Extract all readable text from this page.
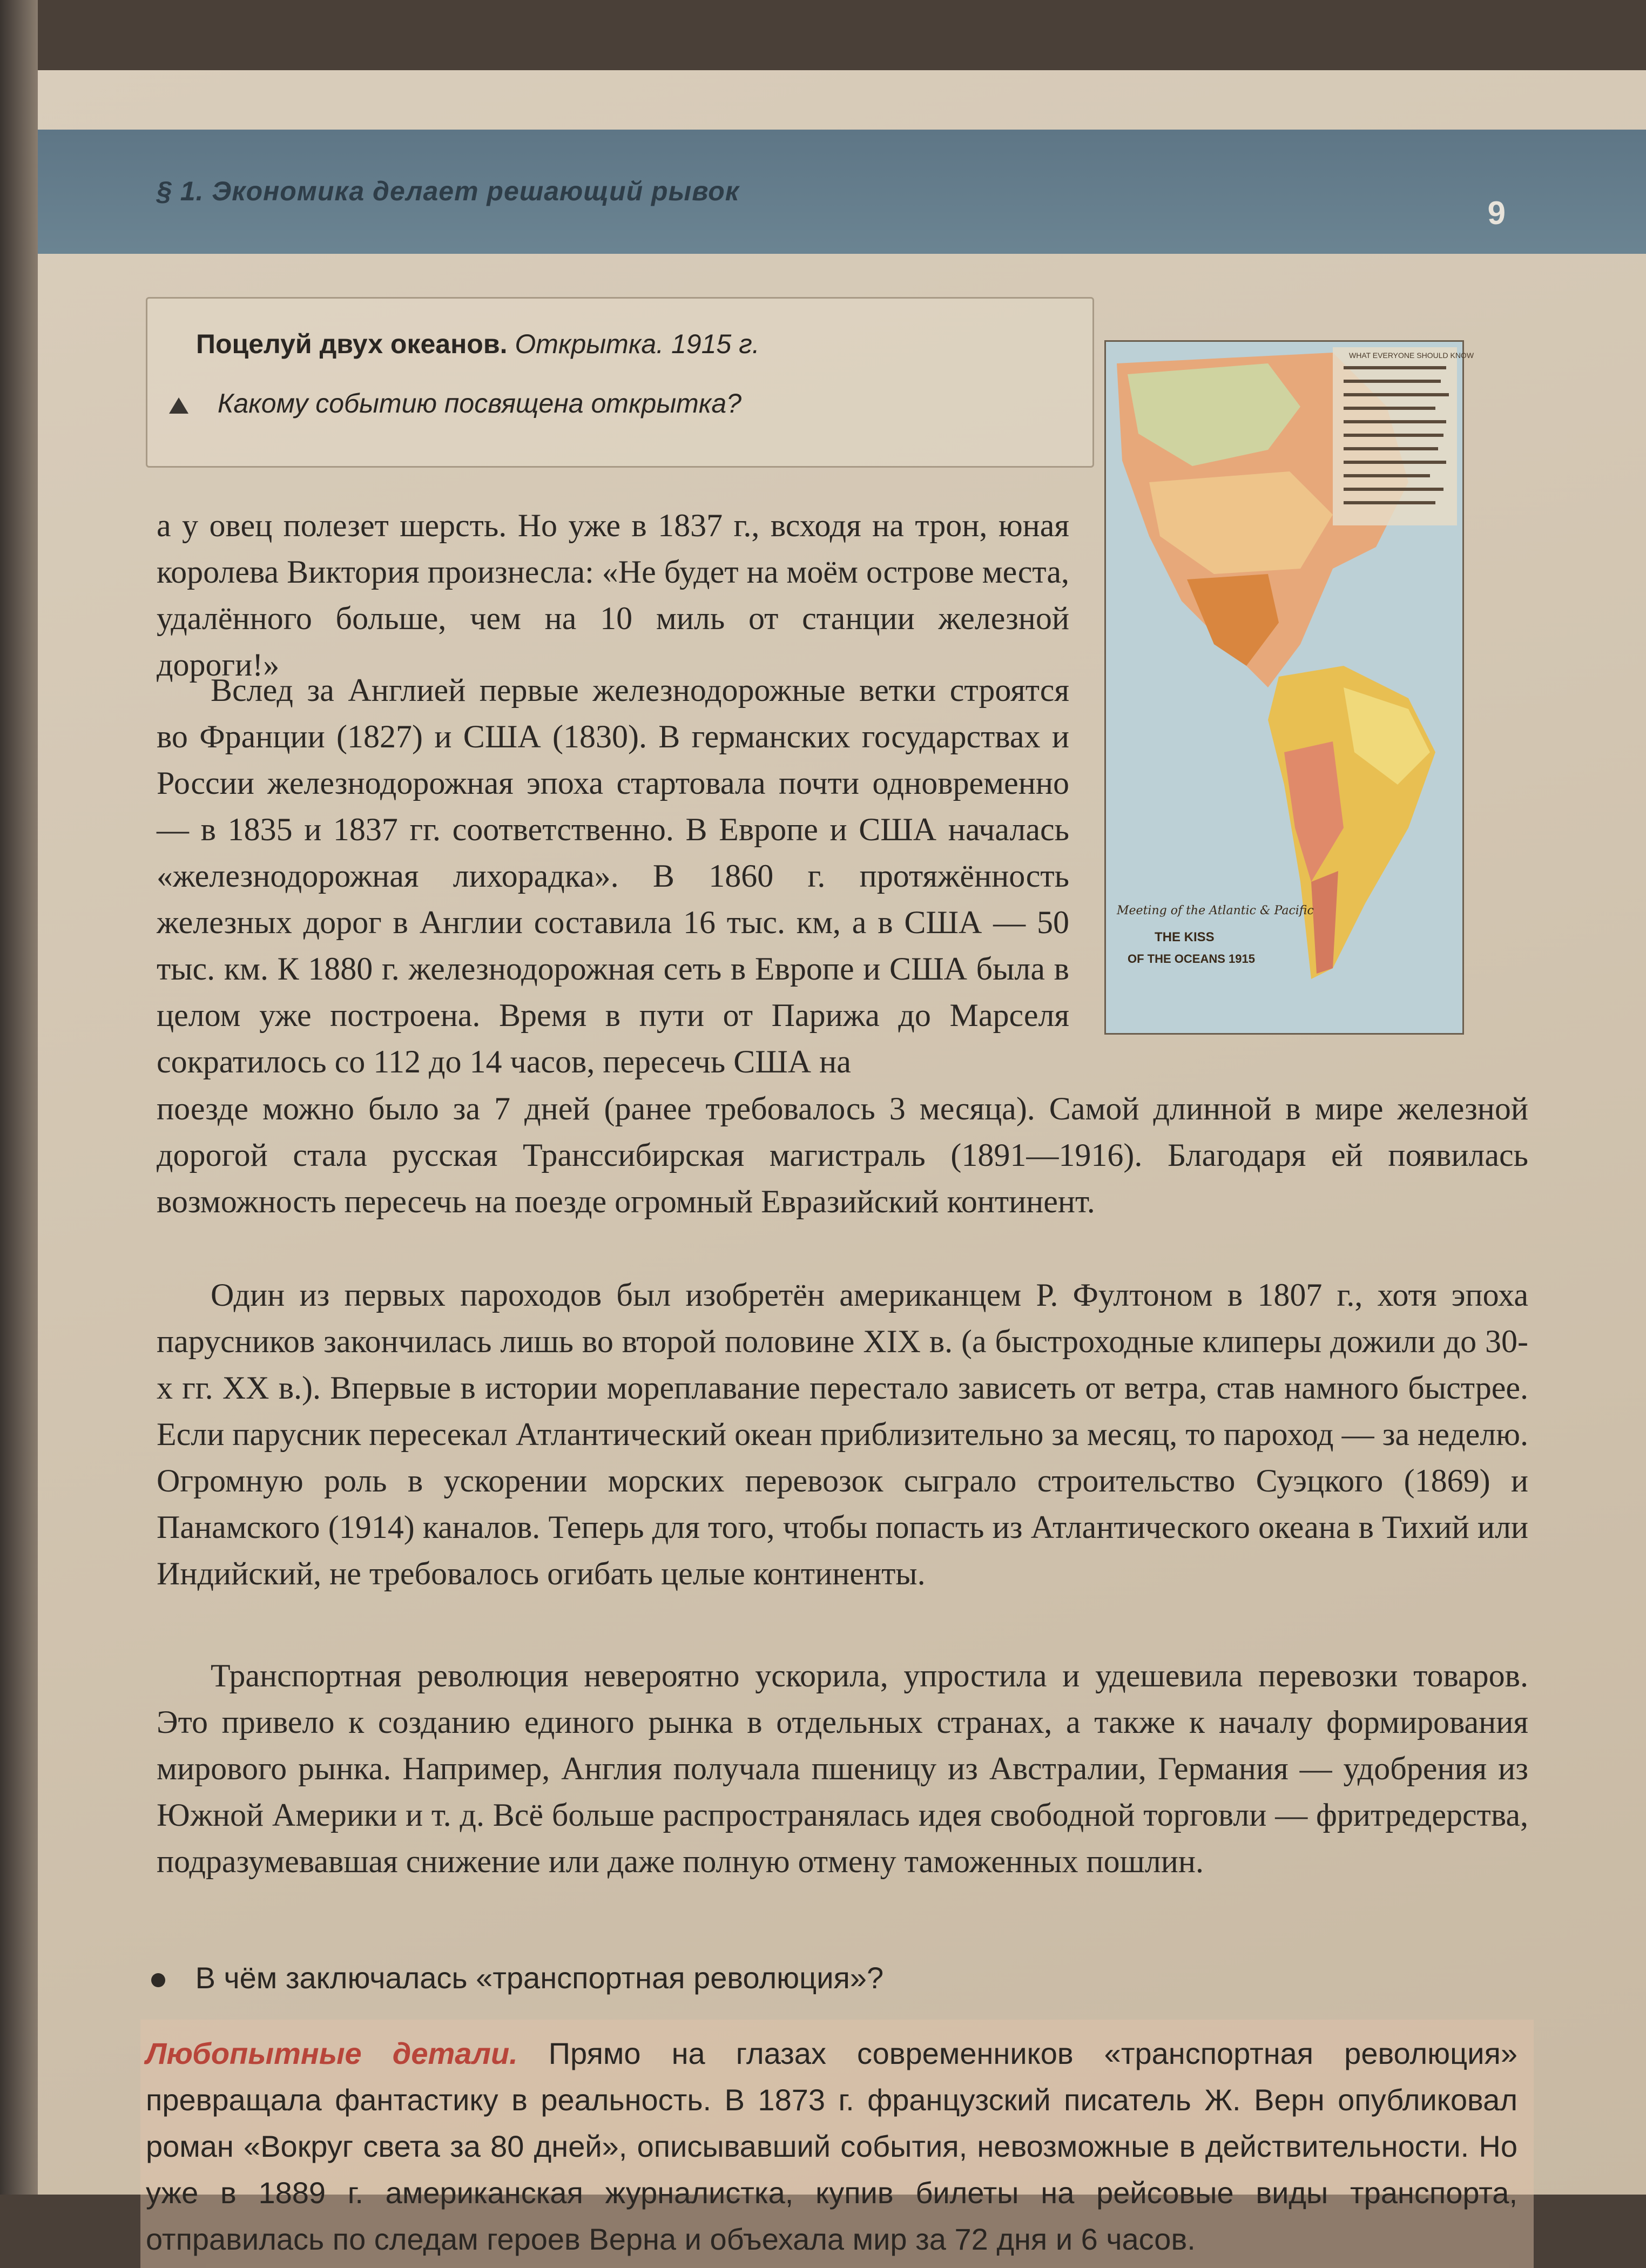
§ 1. Экономика делает решающий рывок
9
Поцелуй двух океанов. Открытка. 1915 г.
Какому событию посвящена открытка?
WHAT EVERYONE SHOULD KNOW
Meeting of the Atlantic & Pacific
THE KISS
OF THE OCEANS 1915

а у овец полезет шерсть. Но уже в 1837 г., всходя на трон, юная королева Виктория произнесла: «Не будет на моём острове места, удалённого больше, чем на 10 миль от станции железной дороги!»

Вслед за Англией первые железнодорожные ветки строятся во Франции (1827) и США (1830). В германских государствах и России железнодорожная эпоха стартовала почти одновременно — в 1835 и 1837 гг. соответственно. В Европе и США началась «железнодорожная лихорадка». В 1860 г. протяжённость железных дорог в Англии составила 16 тыс. км, а в США — 50 тыс. км. К 1880 г. железнодорожная сеть в Европе и США была в целом уже построена. Время в пути от Парижа до Марселя сократилось со 112 до 14 часов, пересечь США на

поезде можно было за 7 дней (ранее требовалось 3 месяца). Самой длинной в мире железной дорогой стала русская Транссибирская магистраль (1891—1916). Благодаря ей появилась возможность пересечь на поезде огромный Евразийский континент.

Один из первых пароходов был изобретён американцем Р. Фултоном в 1807 г., хотя эпоха парусников закончилась лишь во второй половине XIX в. (а быстроходные клиперы дожили до 30-х гг. XX в.). Впервые в истории мореплавание перестало зависеть от ветра, став намного быстрее. Если парусник пересекал Атлантический океан приблизительно за месяц, то пароход — за неделю. Огромную роль в ускорении морских перевозок сыграло строительство Суэцкого (1869) и Панамского (1914) каналов. Теперь для того, чтобы попасть из Атлантического океана в Тихий или Индийский, не требовалось огибать целые континенты.

Транспортная революция невероятно ускорила, упростила и удешевила перевозки товаров. Это привело к созданию единого рынка в отдельных странах, а также к началу формирования мирового рынка. Например, Англия получала пшеницу из Австралии, Германия — удобрения из Южной Америки и т. д. Всё больше распространялась идея свободной торговли — фритредерства, подразумевавшая снижение или даже полную отмену таможенных пошлин.

В чём заключалась «транспортная революция»?
Любопытные детали. Прямо на глазах современников «транспортная революция» превращала фантастику в реальность. В 1873 г. французский писатель Ж. Верн опубликовал роман «Вокруг света за 80 дней», описывавший события, невозможные в действительности. Но уже в 1889 г. американская журналистка, купив билеты на рейсовые виды транспорта, отправилась по следам героев Верна и объехала мир за 72 дня и 6 часов.
